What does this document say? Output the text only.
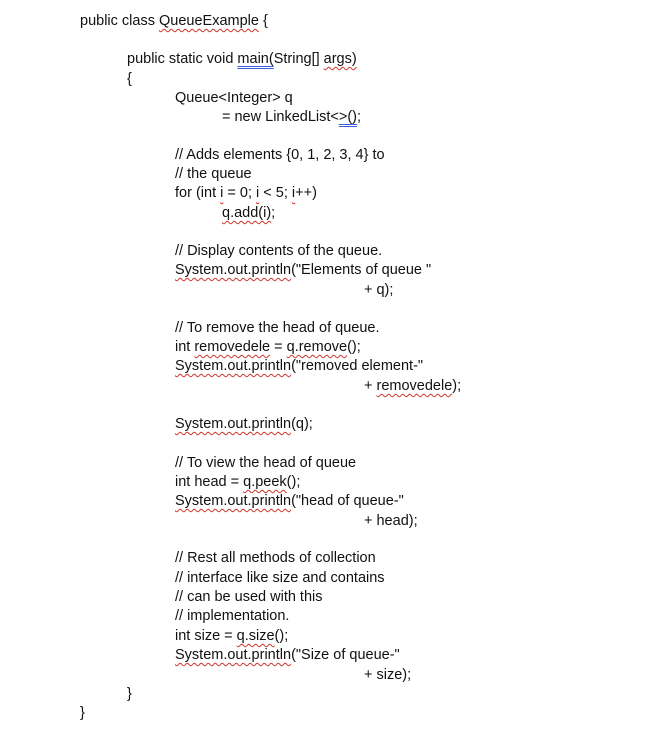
public class QueueExample {
public static void main(String[] args)
{
Queue<Integer> q
= new LinkedList<>();
// Adds elements {0, 1, 2, 3, 4} to
// the queue
for (int i = 0; i < 5; i++)
q.add(i);
// Display contents of the queue.
System.out.println("Elements of queue "
+ q);
// To remove the head of queue.
int removedele = q.remove();
System.out.println("removed element-"
+ removedele);
System.out.println(q);
// To view the head of queue
int head = q.peek();
System.out.println("head of queue-"
+ head);
// Rest all methods of collection
// interface like size and contains
// can be used with this
// implementation.
int size = q.size();
System.out.println("Size of queue-"
+ size);
}
}
